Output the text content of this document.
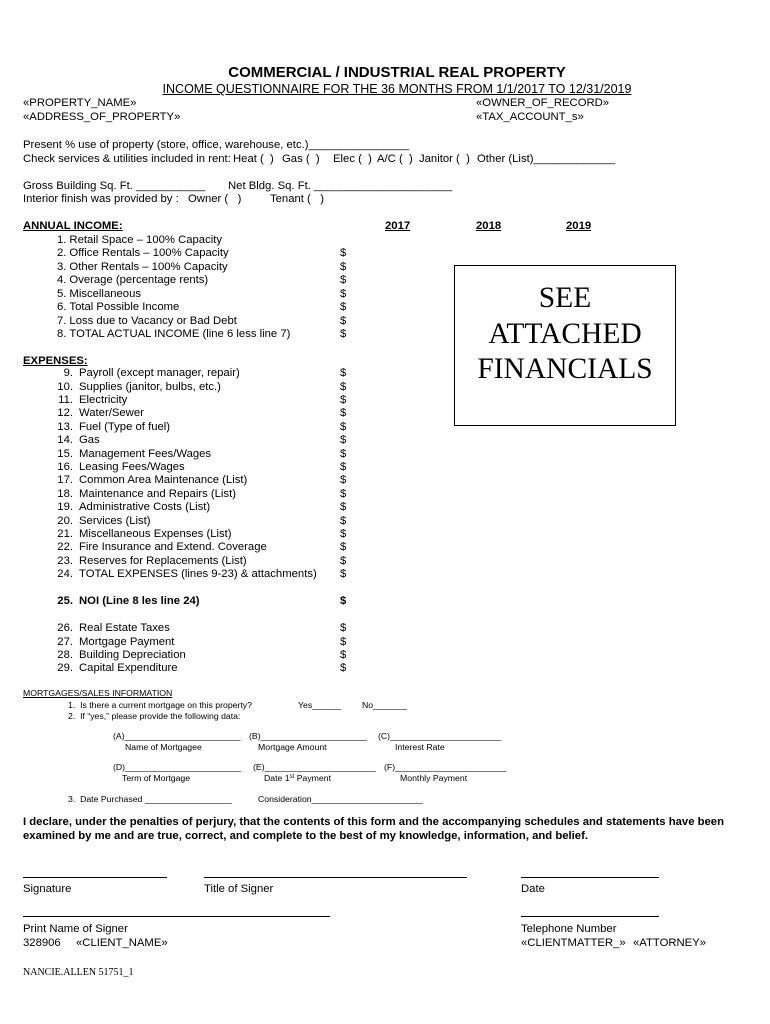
COMMERCIAL / INDUSTRIAL REAL PROPERTY
INCOME QUESTIONNAIRE FOR THE 36 MONTHS FROM 1/1/2017 TO 12/31/2019
«PROPERTY_NAME»	«OWNER_OF_RECORD»
«ADDRESS_OF_PROPERTY»	«TAX_ACCOUNT_s»
Present % use of property (store, office, warehouse, etc.)________________
Check services & utilities included in rent: Heat (  ) Gas (  ) Elec (  ) A/C (  ) Janitor (  ) Other (List)_____________
Gross Building Sq. Ft. ___________ Net Bldg. Sq. Ft. ______________________
Interior finish was provided by : Owner (   )	Tenant (   )
ANNUAL INCOME:	2017	2018	2019
1. Retail Space – 100% Capacity
2. Office Rentals – 100% Capacity	$
3. Other Rentals – 100% Capacity	$
4. Overage (percentage rents)	$
5. Miscellaneous	$
6. Total Possible Income	$
7. Loss due to Vacancy or Bad Debt	$
8. TOTAL ACTUAL INCOME (line 6 less line 7)	$
SEE
ATTACHED
FINANCIALS
EXPENSES:
9. Payroll (except manager, repair)	$
10. Supplies (janitor, bulbs, etc.)	$
11. Electricity	$
12. Water/Sewer	$
13. Fuel (Type of fuel)	$
14. Gas	$
15. Management Fees/Wages	$
16. Leasing Fees/Wages	$
17. Common Area Maintenance (List)	$
18. Maintenance and Repairs (List)	$
19. Administrative Costs (List)	$
20. Services (List)	$
21. Miscellaneous Expenses (List)	$
22. Fire Insurance and Extend. Coverage	$
23. Reserves for Replacements (List)	$
24. TOTAL EXPENSES (lines 9-23) & attachments) $
25. NOI (Line 8 les line 24)	$
26. Real Estate Taxes	$
27. Mortgage Payment	$
28. Building Depreciation	$
29. Capital Expenditure	$
MORTGAGES/SALES INFORMATION
1.  Is there a current mortgage on this property?	Yes______ No_______
2.  If “yes,” please provide the following data:
(A)________________________ (B)______________________ (C)_______________________
Name of Mortgagee	Mortgage Amount	Interest Rate
(D)________________________ (E)_______________________ (F)_______________________
Term of Mortgage	Date 1st Payment	Monthly Payment
3.  Date Purchased __________________	Consideration_______________________
I declare, under the penalties of perjury, that the contents of this form and the accompanying schedules and statements have been
examined by me and are true, correct, and complete to the best of my knowledge, information, and belief.
Signature	Title of Signer	Date
Print Name of Signer	Telephone Number
328906 «CLIENT_NAME»	«CLIENTMATTER_» «ATTORNEY»
NANCIE.ALLEN 51751_1
